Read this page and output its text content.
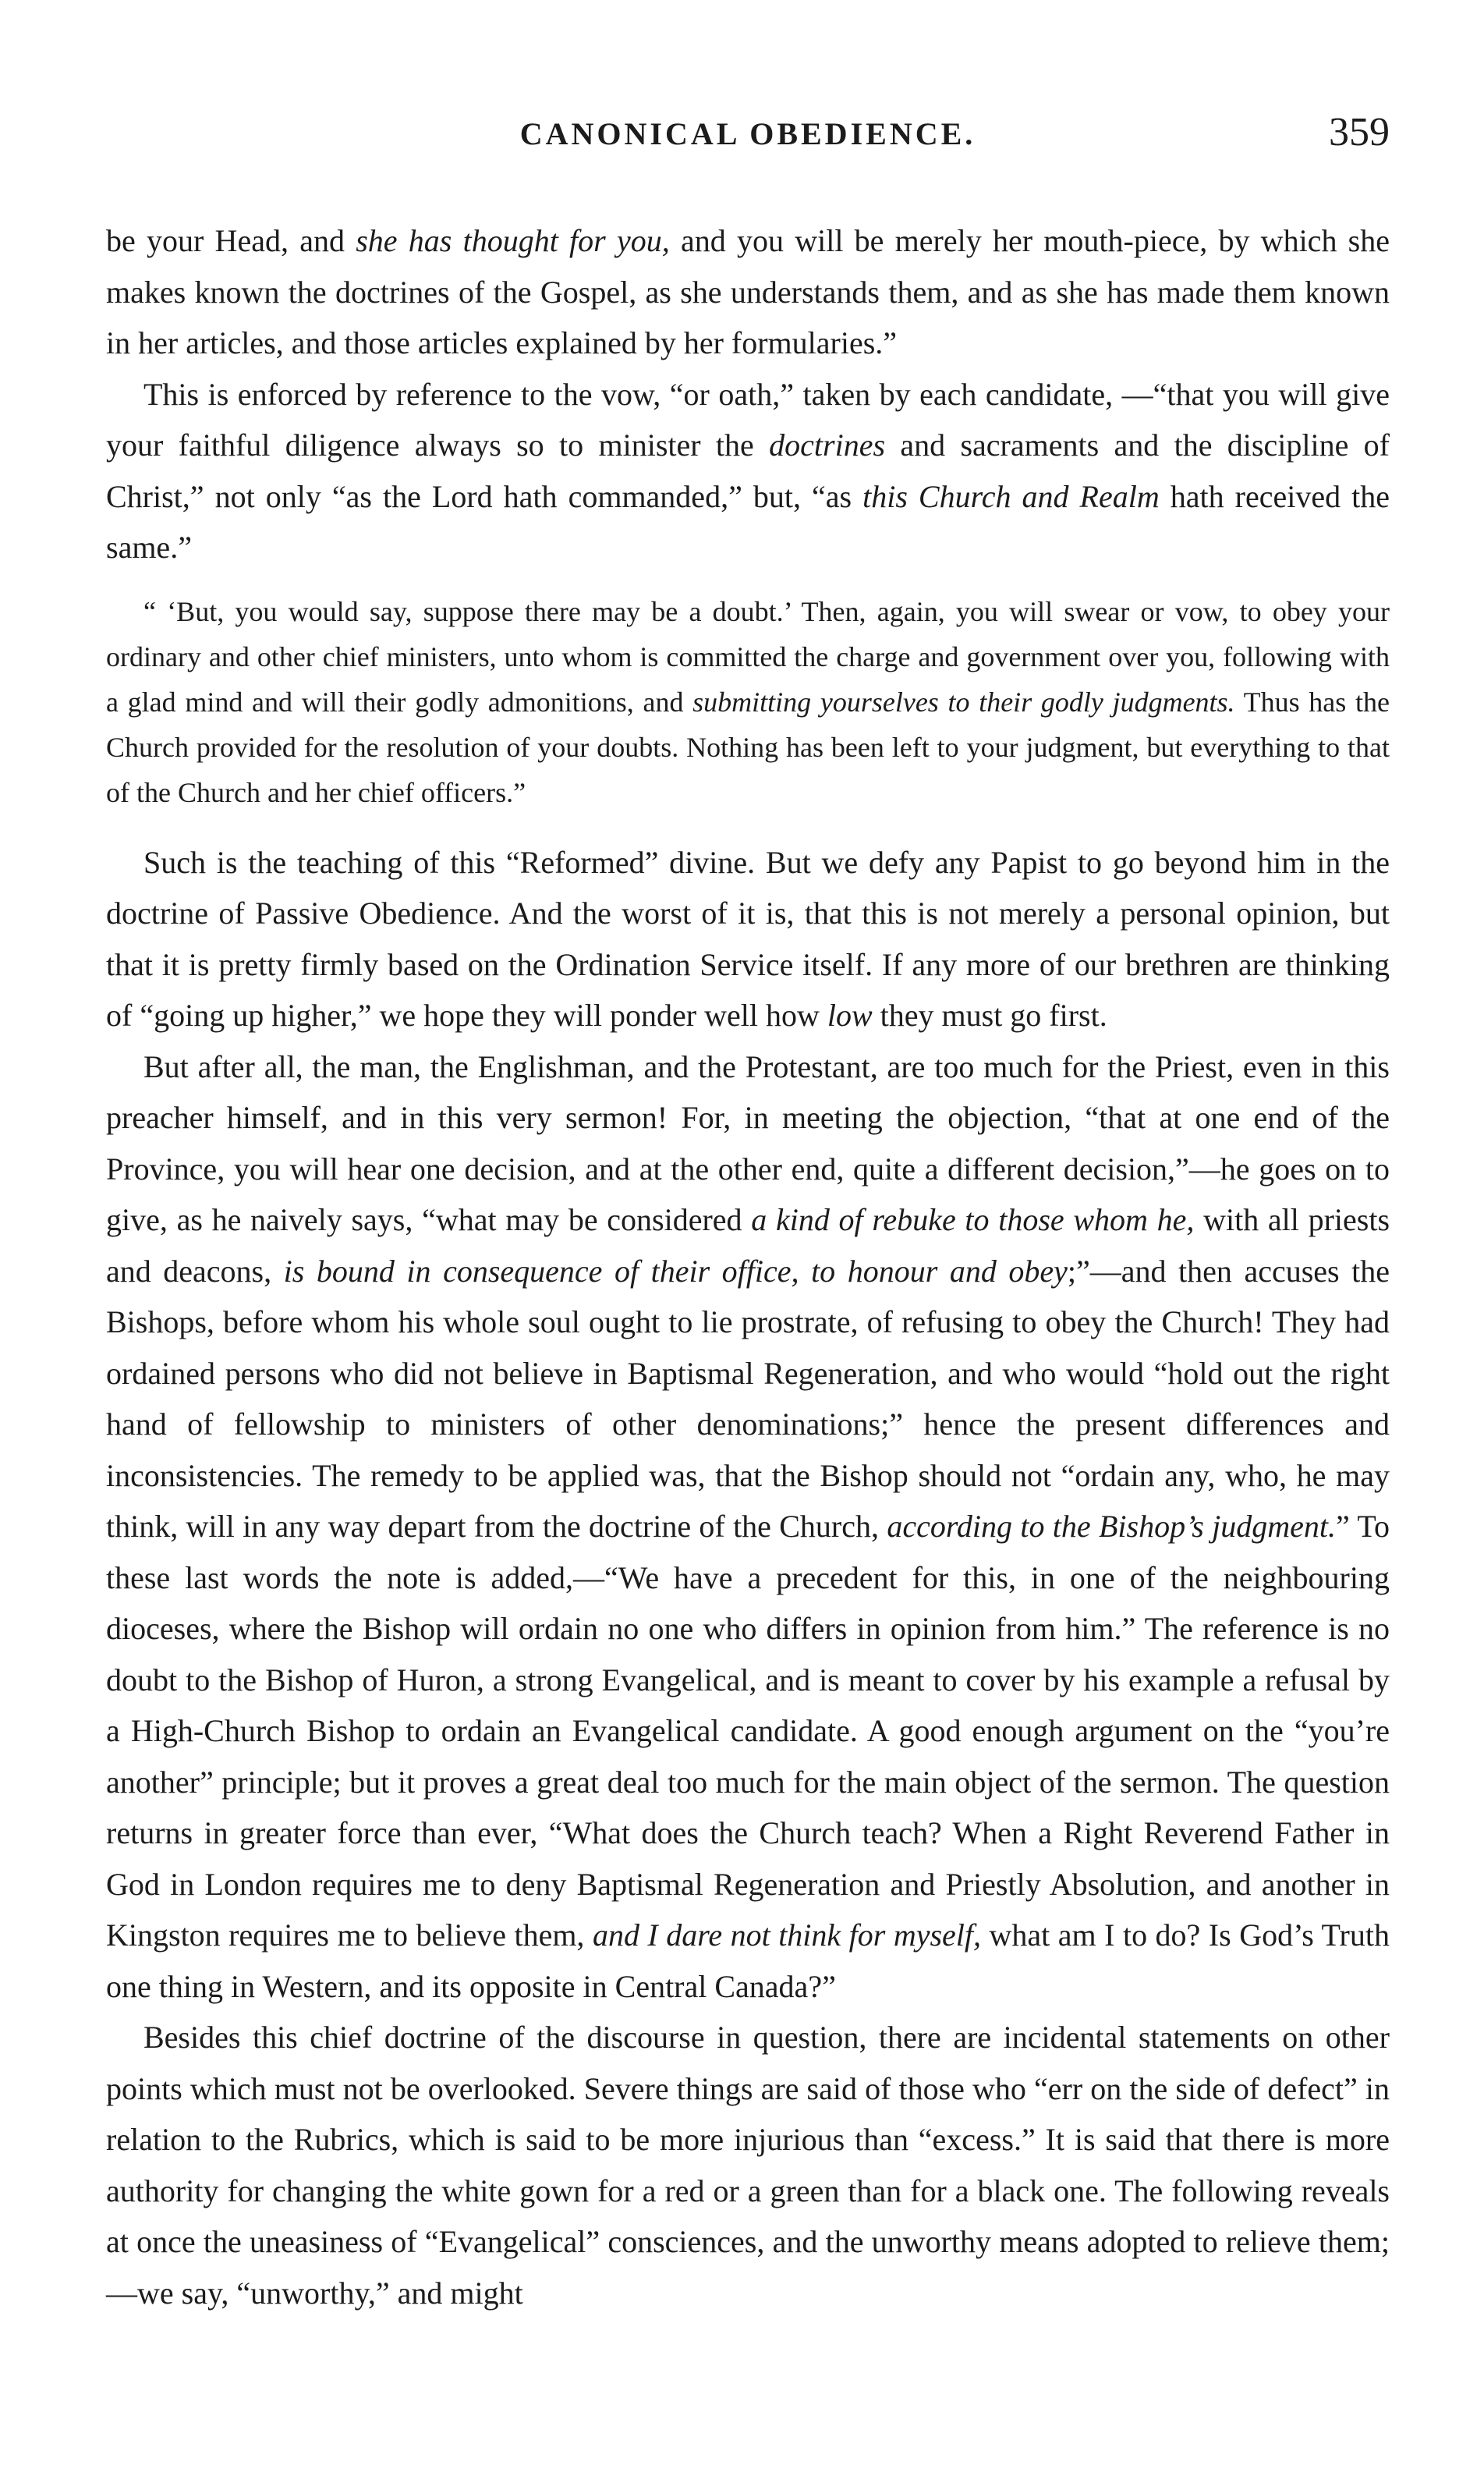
CANONICAL OBEDIENCE.	359

be your Head, and she has thought for you, and you will be merely her mouth-piece, by which she makes known the doctrines of the Gospel, as she understands them, and as she has made them known in her articles, and those articles explained by her formularies.”

This is enforced by reference to the vow, “or oath,” taken by each candidate, —“that you will give your faithful diligence always so to minister the doctrines and sacraments and the discipline of Christ,” not only “as the Lord hath commanded,” but, “as this Church and Realm hath received the same.”

“ ‘But, you would say, suppose there may be a doubt.’ Then, again, you will swear or vow, to obey your ordinary and other chief ministers, unto whom is committed the charge and government over you, following with a glad mind and will their godly admonitions, and submitting yourselves to their godly judgments. Thus has the Church provided for the resolution of your doubts. Nothing has been left to your judgment, but everything to that of the Church and her chief officers.”

Such is the teaching of this “Reformed” divine. But we defy any Papist to go beyond him in the doctrine of Passive Obedience. And the worst of it is, that this is not merely a personal opinion, but that it is pretty firmly based on the Ordination Service itself. If any more of our brethren are thinking of “going up higher,” we hope they will ponder well how low they must go first.

But after all, the man, the Englishman, and the Protestant, are too much for the Priest, even in this preacher himself, and in this very sermon! For, in meeting the objection, “that at one end of the Province, you will hear one decision, and at the other end, quite a different decision,”—he goes on to give, as he naively says, “what may be considered a kind of rebuke to those whom he, with all priests and deacons, is bound in consequence of their office, to honour and obey;”—and then accuses the Bishops, before whom his whole soul ought to lie prostrate, of refusing to obey the Church! They had ordained persons who did not believe in Baptismal Regeneration, and who would “hold out the right hand of fellowship to ministers of other denominations;” hence the present differences and inconsistencies. The remedy to be applied was, that the Bishop should not “ordain any, who, he may think, will in any way depart from the doctrine of the Church, according to the Bishop’s judgment.” To these last words the note is added,—“We have a precedent for this, in one of the neighbouring dioceses, where the Bishop will ordain no one who differs in opinion from him.” The reference is no doubt to the Bishop of Huron, a strong Evangelical, and is meant to cover by his example a refusal by a High-Church Bishop to ordain an Evangelical candidate. A good enough argument on the “you’re another” principle; but it proves a great deal too much for the main object of the sermon. The question returns in greater force than ever, “What does the Church teach? When a Right Reverend Father in God in London requires me to deny Baptismal Regeneration and Priestly Absolution, and another in Kingston requires me to believe them, and I dare not think for myself, what am I to do? Is God’s Truth one thing in Western, and its opposite in Central Canada?”

Besides this chief doctrine of the discourse in question, there are incidental statements on other points which must not be overlooked. Severe things are said of those who “err on the side of defect” in relation to the Rubrics, which is said to be more injurious than “excess.” It is said that there is more authority for changing the white gown for a red or a green than for a black one. The following reveals at once the uneasiness of “Evangelical” consciences, and the unworthy means adopted to relieve them;—we say, “unworthy,” and might
